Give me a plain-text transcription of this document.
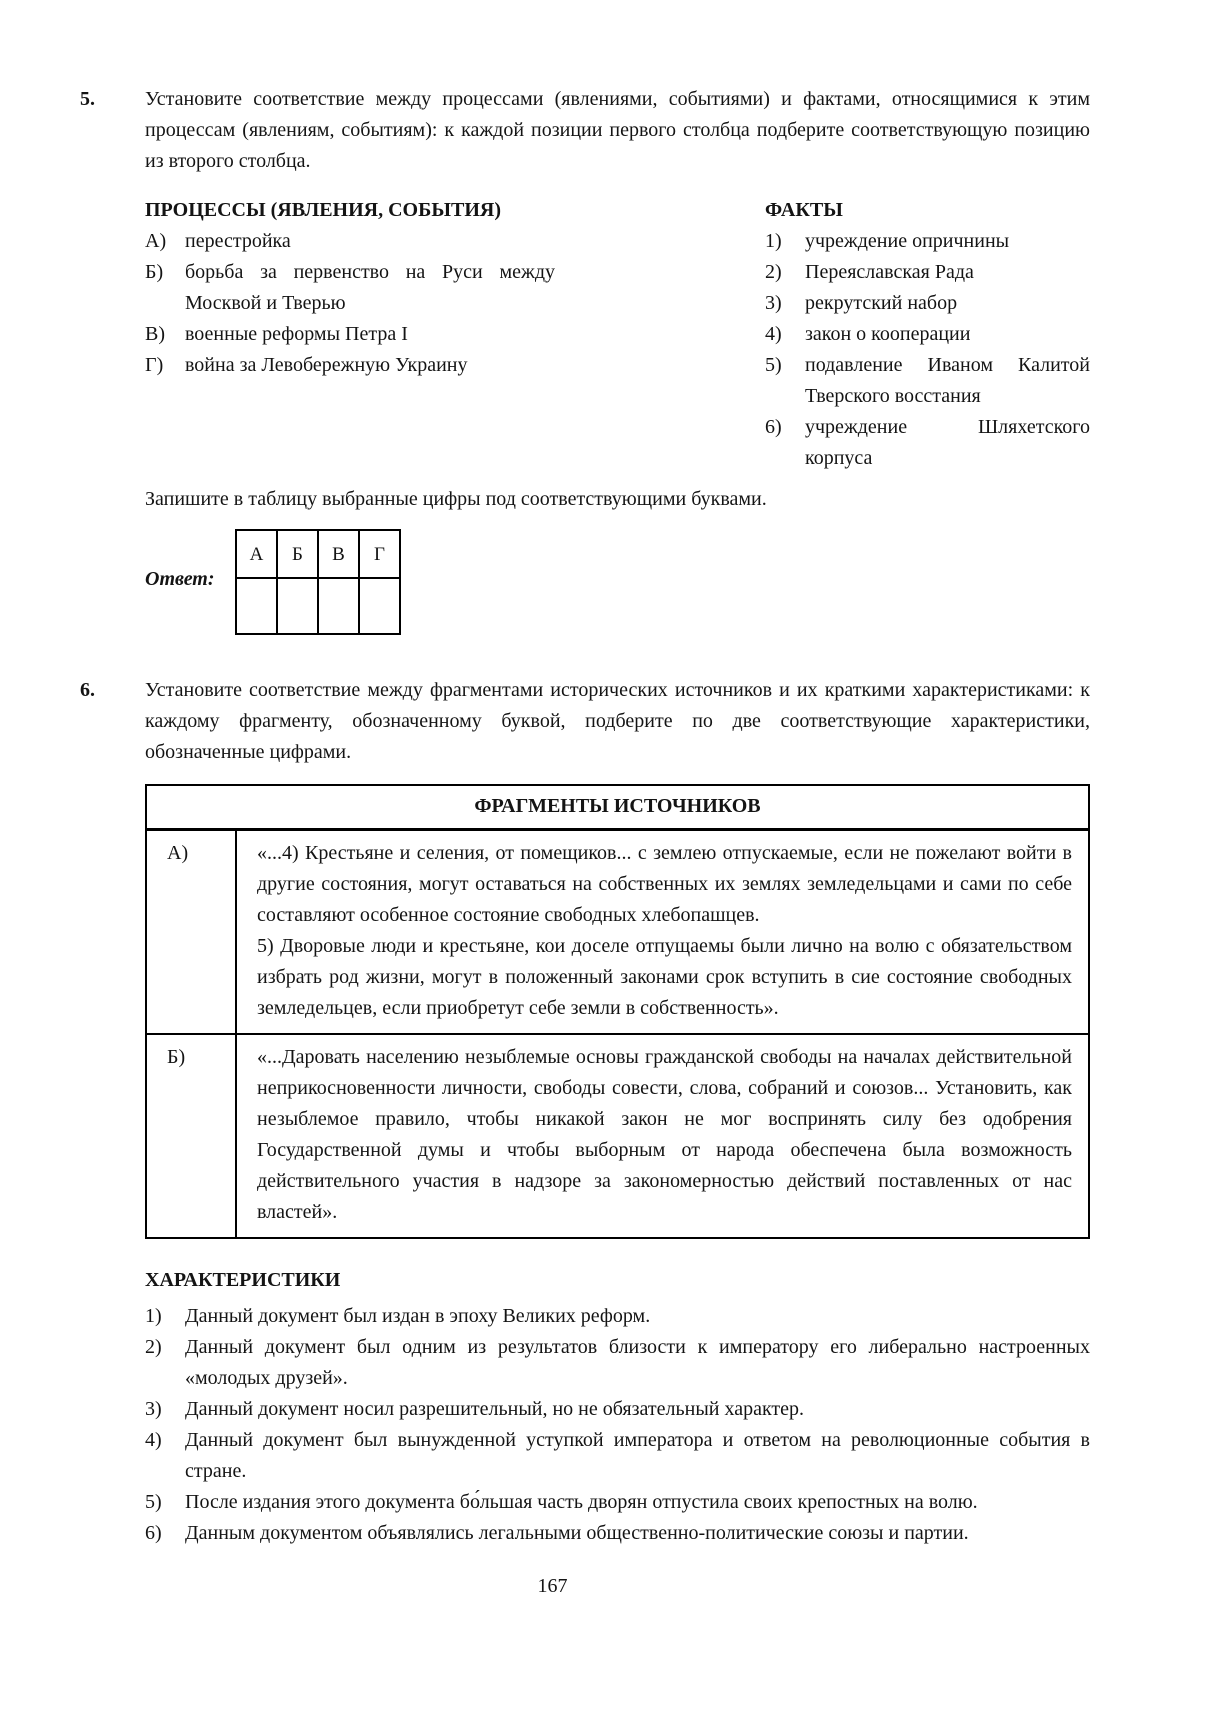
5.	Установите соответствие между процессами (явлениями, событиями) и фактами, относящимися к этим процессам (явлениям, событиям): к каждой позиции первого столбца подберите соответствующую позицию из второго столбца.

ПРОЦЕССЫ (ЯВЛЕНИЯ, СОБЫТИЯ)
А) перестройка
Б)	борьба за первенство на Руси между Москвой и Тверью
В)	военные реформы Петра I
Г)	война за Левобережную Украину
ФАКТЫ
1)	учреждение опричнины
2)	Переяславская Рада
3)	рекрутский набор
4)	закон о кооперации
5)	подавление Иваном Калитой Тверского восстания
6)	учреждение Шляхетского корпуса

Запишите в таблицу выбранные цифры под соответствующими буквами.

Ответ:
А	Б	В	Г

6.	Установите соответствие между фрагментами исторических источников и их краткими характеристиками: к каждому фрагменту, обозначенному буквой, подберите по две соответствующие характеристики, обозначенные цифрами.

ФРАГМЕНТЫ ИСТОЧНИКОВ	
А)	«...4) Крестьяне и селения, от помещиков... с землею отпускаемые, если не пожелают войти в другие состояния, могут оставаться на собственных их землях земледельцами и сами по себе составляют особенное состояние свободных хлебопашцев.

5) Дворовые люди и крестьяне, кои доселе отпущаемы были лично на волю с обязательством избрать род жизни, могут в положенный законами срок вступить в сие состояние свободных земледельцев, если приобретут себе земли в собственность».

Б)	«...Даровать населению незыблемые основы гражданской свободы на началах действительной неприкосновенности личности, свободы совести, слова, собраний и союзов... Установить, как незыблемое правило, чтобы никакой закон не мог воспринять силу без одобрения Государственной думы и чтобы выборным от народа обеспечена была возможность действительного участия в надзоре за закономерностью действий поставленных от нас властей».

ХАРАКТЕРИСТИКИ
1)	Данный документ был издан в эпоху Великих реформ.
2)	Данный документ был одним из результатов близости к императору его либерально настроенных «молодых друзей».
3)	Данный документ носил разрешительный, но не обязательный характер.
4)	Данный документ был вынужденной уступкой императора и ответом на революционные события в стране.
5)	После издания этого документа бо́льшая часть дворян отпустила своих крепостных на волю.
6)	Данным документом объявлялись легальными общественно-политические союзы и партии.
167
